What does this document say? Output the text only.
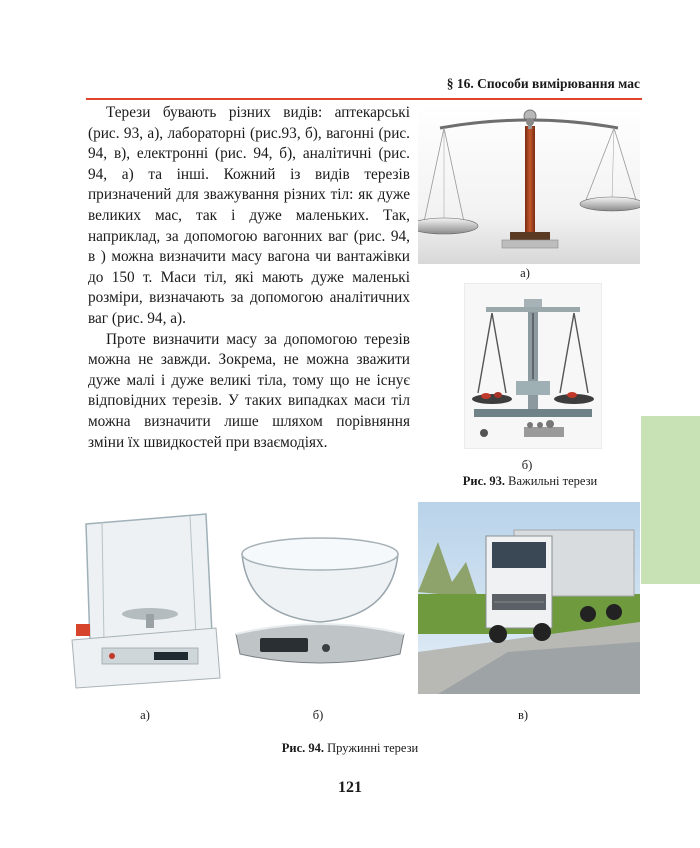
§ 16. Способи вимірювання мас

Терези бувають різних видів: аптекарські (рис. 93, а), лабораторні (рис.93, б), вагонні (рис. 94, в), електронні (рис. 94, б), аналітичні (рис. 94, а) та інші. Кожний із видів терезів призначений для зважування різних тіл: як дуже великих мас, так і дуже маленьких. Так, наприклад, за допомогою вагонних ваг (рис. 94, в ) можна визначити масу вагона чи вантажівки до 150 т. Маси тіл, які мають дуже маленькі розміри, визначають за допомогою аналітичних ваг (рис. 94, а).

Проте визначити масу за допомогою терезів можна не завжди. Зокрема, не можна зважити дуже малі і дуже великі тіла, тому що не існує відповідних терезів. У таких випадках маси тіл можна визначити лише шляхом порівняння зміни їх швидкостей при взаємодіях.

а)
б)
Рис. 93. Важильні терези
а)	б)	в)
Рис. 94. Пружинні терези
121
